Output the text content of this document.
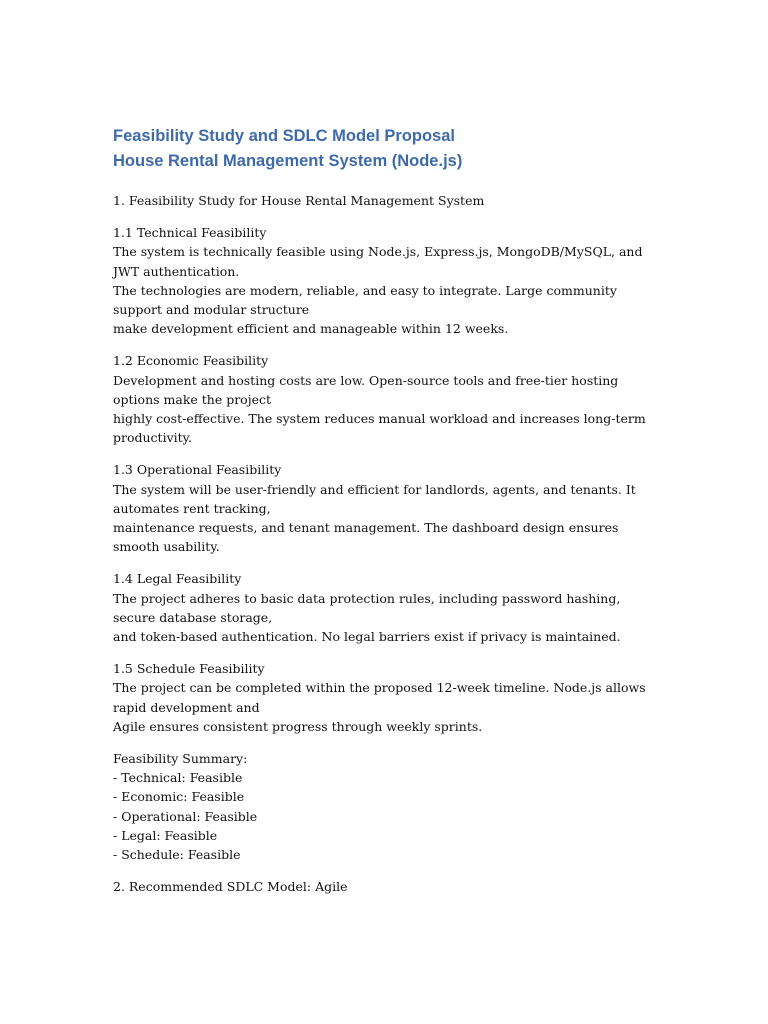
Feasibility Study and SDLC Model Proposal
House Rental Management System (Node.js)

1. Feasibility Study for House Rental Management System

1.1 Technical Feasibility
The system is technically feasible using Node.js, Express.js, MongoDB/MySQL, and JWT authentication.
The technologies are modern, reliable, and easy to integrate. Large community support and modular structure
make development efficient and manageable within 12 weeks.

1.2 Economic Feasibility
Development and hosting costs are low. Open-source tools and free-tier hosting options make the project
highly cost-effective. The system reduces manual workload and increases long-term productivity.

1.3 Operational Feasibility
The system will be user-friendly and efficient for landlords, agents, and tenants. It automates rent tracking,
maintenance requests, and tenant management. The dashboard design ensures smooth usability.

1.4 Legal Feasibility
The project adheres to basic data protection rules, including password hashing, secure database storage,
and token-based authentication. No legal barriers exist if privacy is maintained.

1.5 Schedule Feasibility
The project can be completed within the proposed 12-week timeline. Node.js allows rapid development and
Agile ensures consistent progress through weekly sprints.

Feasibility Summary:
- Technical: Feasible
- Economic: Feasible
- Operational: Feasible
- Legal: Feasible
- Schedule: Feasible

2. Recommended SDLC Model: Agile
